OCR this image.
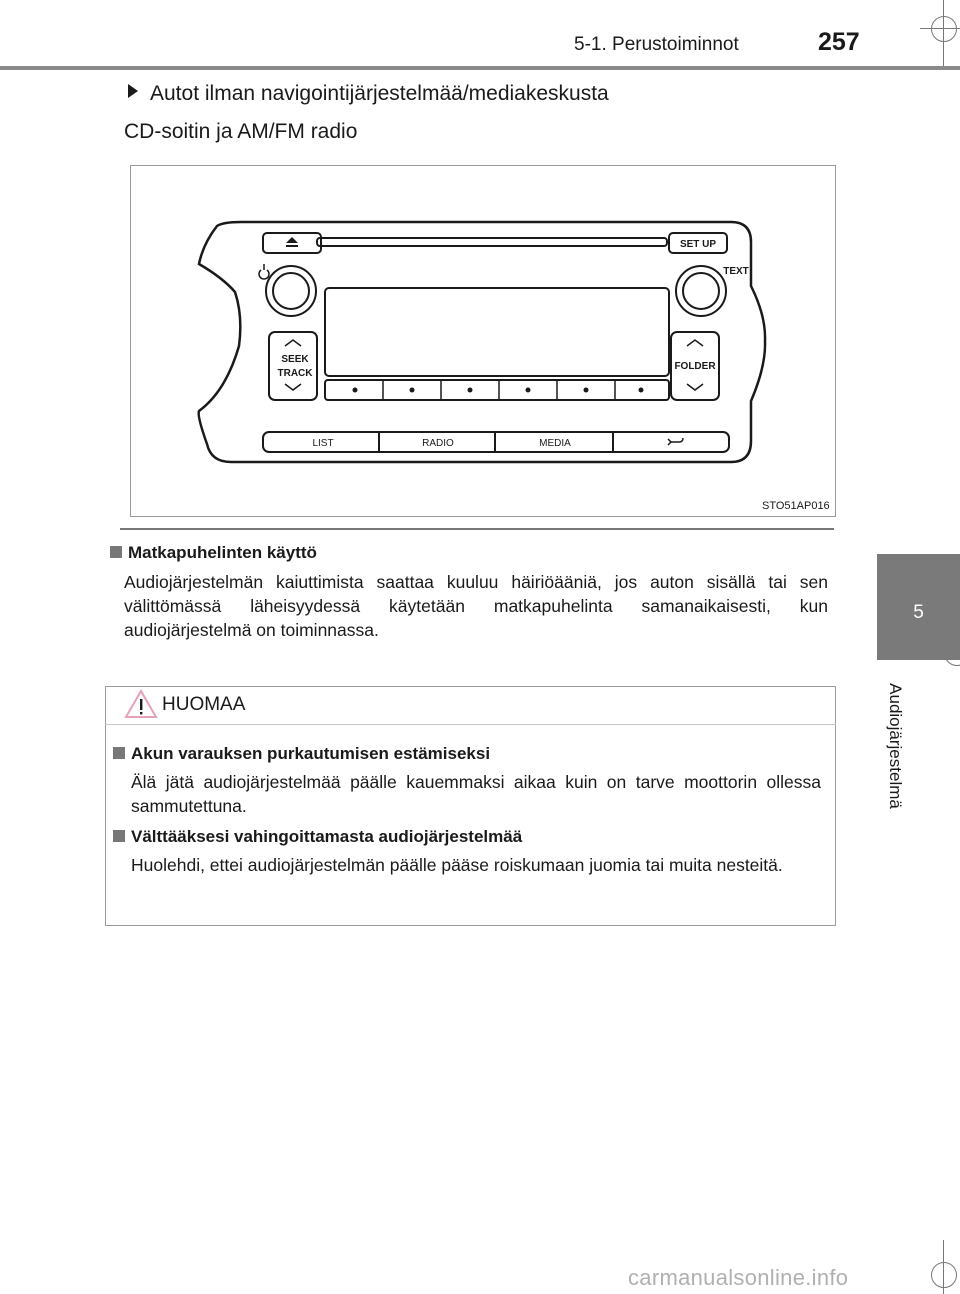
5-1. Perustoiminnot	257
5
Audiojärjestelmä
Autot ilman navigointijärjestelmää/mediakeskusta
CD-soitin ja AM/FM radio
SET UP
TEXT
SEEK
TRACK
FOLDER
LIST	RADIO	MEDIA
STO51AP016
Matkapuhelinten käyttö
Audiojärjestelmän kaiuttimista saattaa kuuluu häiriöääniä, jos auton sisällä tai sen välittömässä läheisyydessä käytetään matkapuhelinta samanaikaisesti, kun audiojärjestelmä on toiminnassa.
HUOMAA
Akun varauksen purkautumisen estämiseksi
Älä jätä audiojärjestelmää päälle kauemmaksi aikaa kuin on tarve moottorin ollessa sammutettuna.
Välttääksesi vahingoittamasta audiojärjestelmää
Huolehdi, ettei audiojärjestelmän päälle pääse roiskumaan juomia tai muita nesteitä.
carmanualsonline.info
